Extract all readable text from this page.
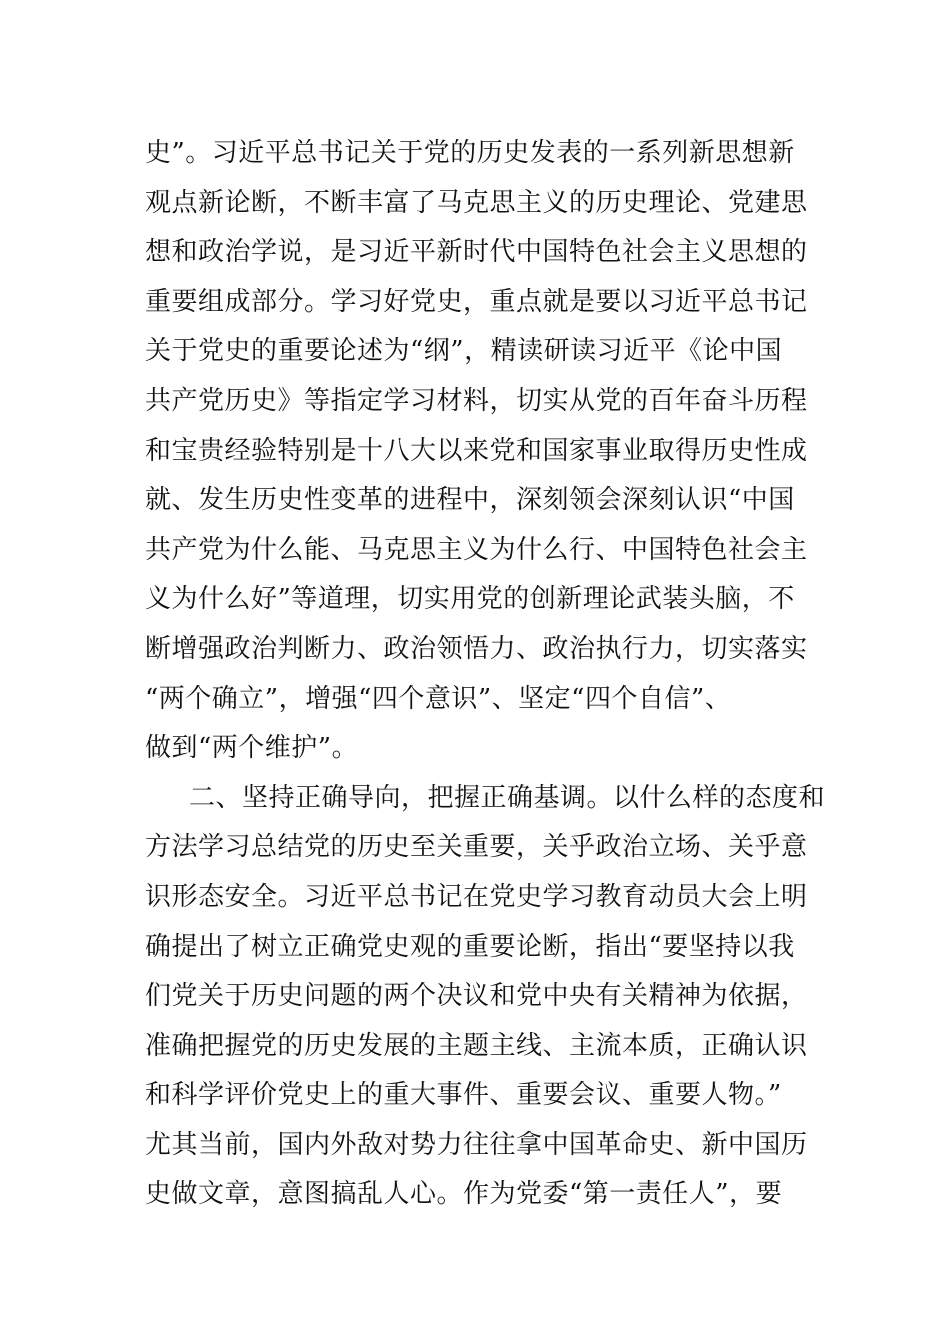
史”。习近平总书记关于党的历史发表的一系列新思想新
观点新论断，不断丰富了马克思主义的历史理论、党建思
想和政治学说，是习近平新时代中国特色社会主义思想的
重要组成部分。学习好党史，重点就是要以习近平总书记
关于党史的重要论述为“纲”，精读研读习近平《论中国
共产党历史》等指定学习材料，切实从党的百年奋斗历程
和宝贵经验特别是十八大以来党和国家事业取得历史性成
就、发生历史性变革的进程中，深刻领会深刻认识“中国
共产党为什么能、马克思主义为什么行、中国特色社会主
义为什么好”等道理，切实用党的创新理论武装头脑，不
断增强政治判断力、政治领悟力、政治执行力，切实落实
“两个确立”，增强“四个意识”、坚定“四个自信”、
做到“两个维护”。
二、坚持正确导向，把握正确基调。以什么样的态度和
方法学习总结党的历史至关重要，关乎政治立场、关乎意
识形态安全。习近平总书记在党史学习教育动员大会上明
确提出了树立正确党史观的重要论断，指出“要坚持以我
们党关于历史问题的两个决议和党中央有关精神为依据，
准确把握党的历史发展的主题主线、主流本质，正确认识
和科学评价党史上的重大事件、重要会议、重要人物。”
尤其当前，国内外敌对势力往往拿中国革命史、新中国历
史做文章，意图搞乱人心。作为党委“第一责任人”，要
